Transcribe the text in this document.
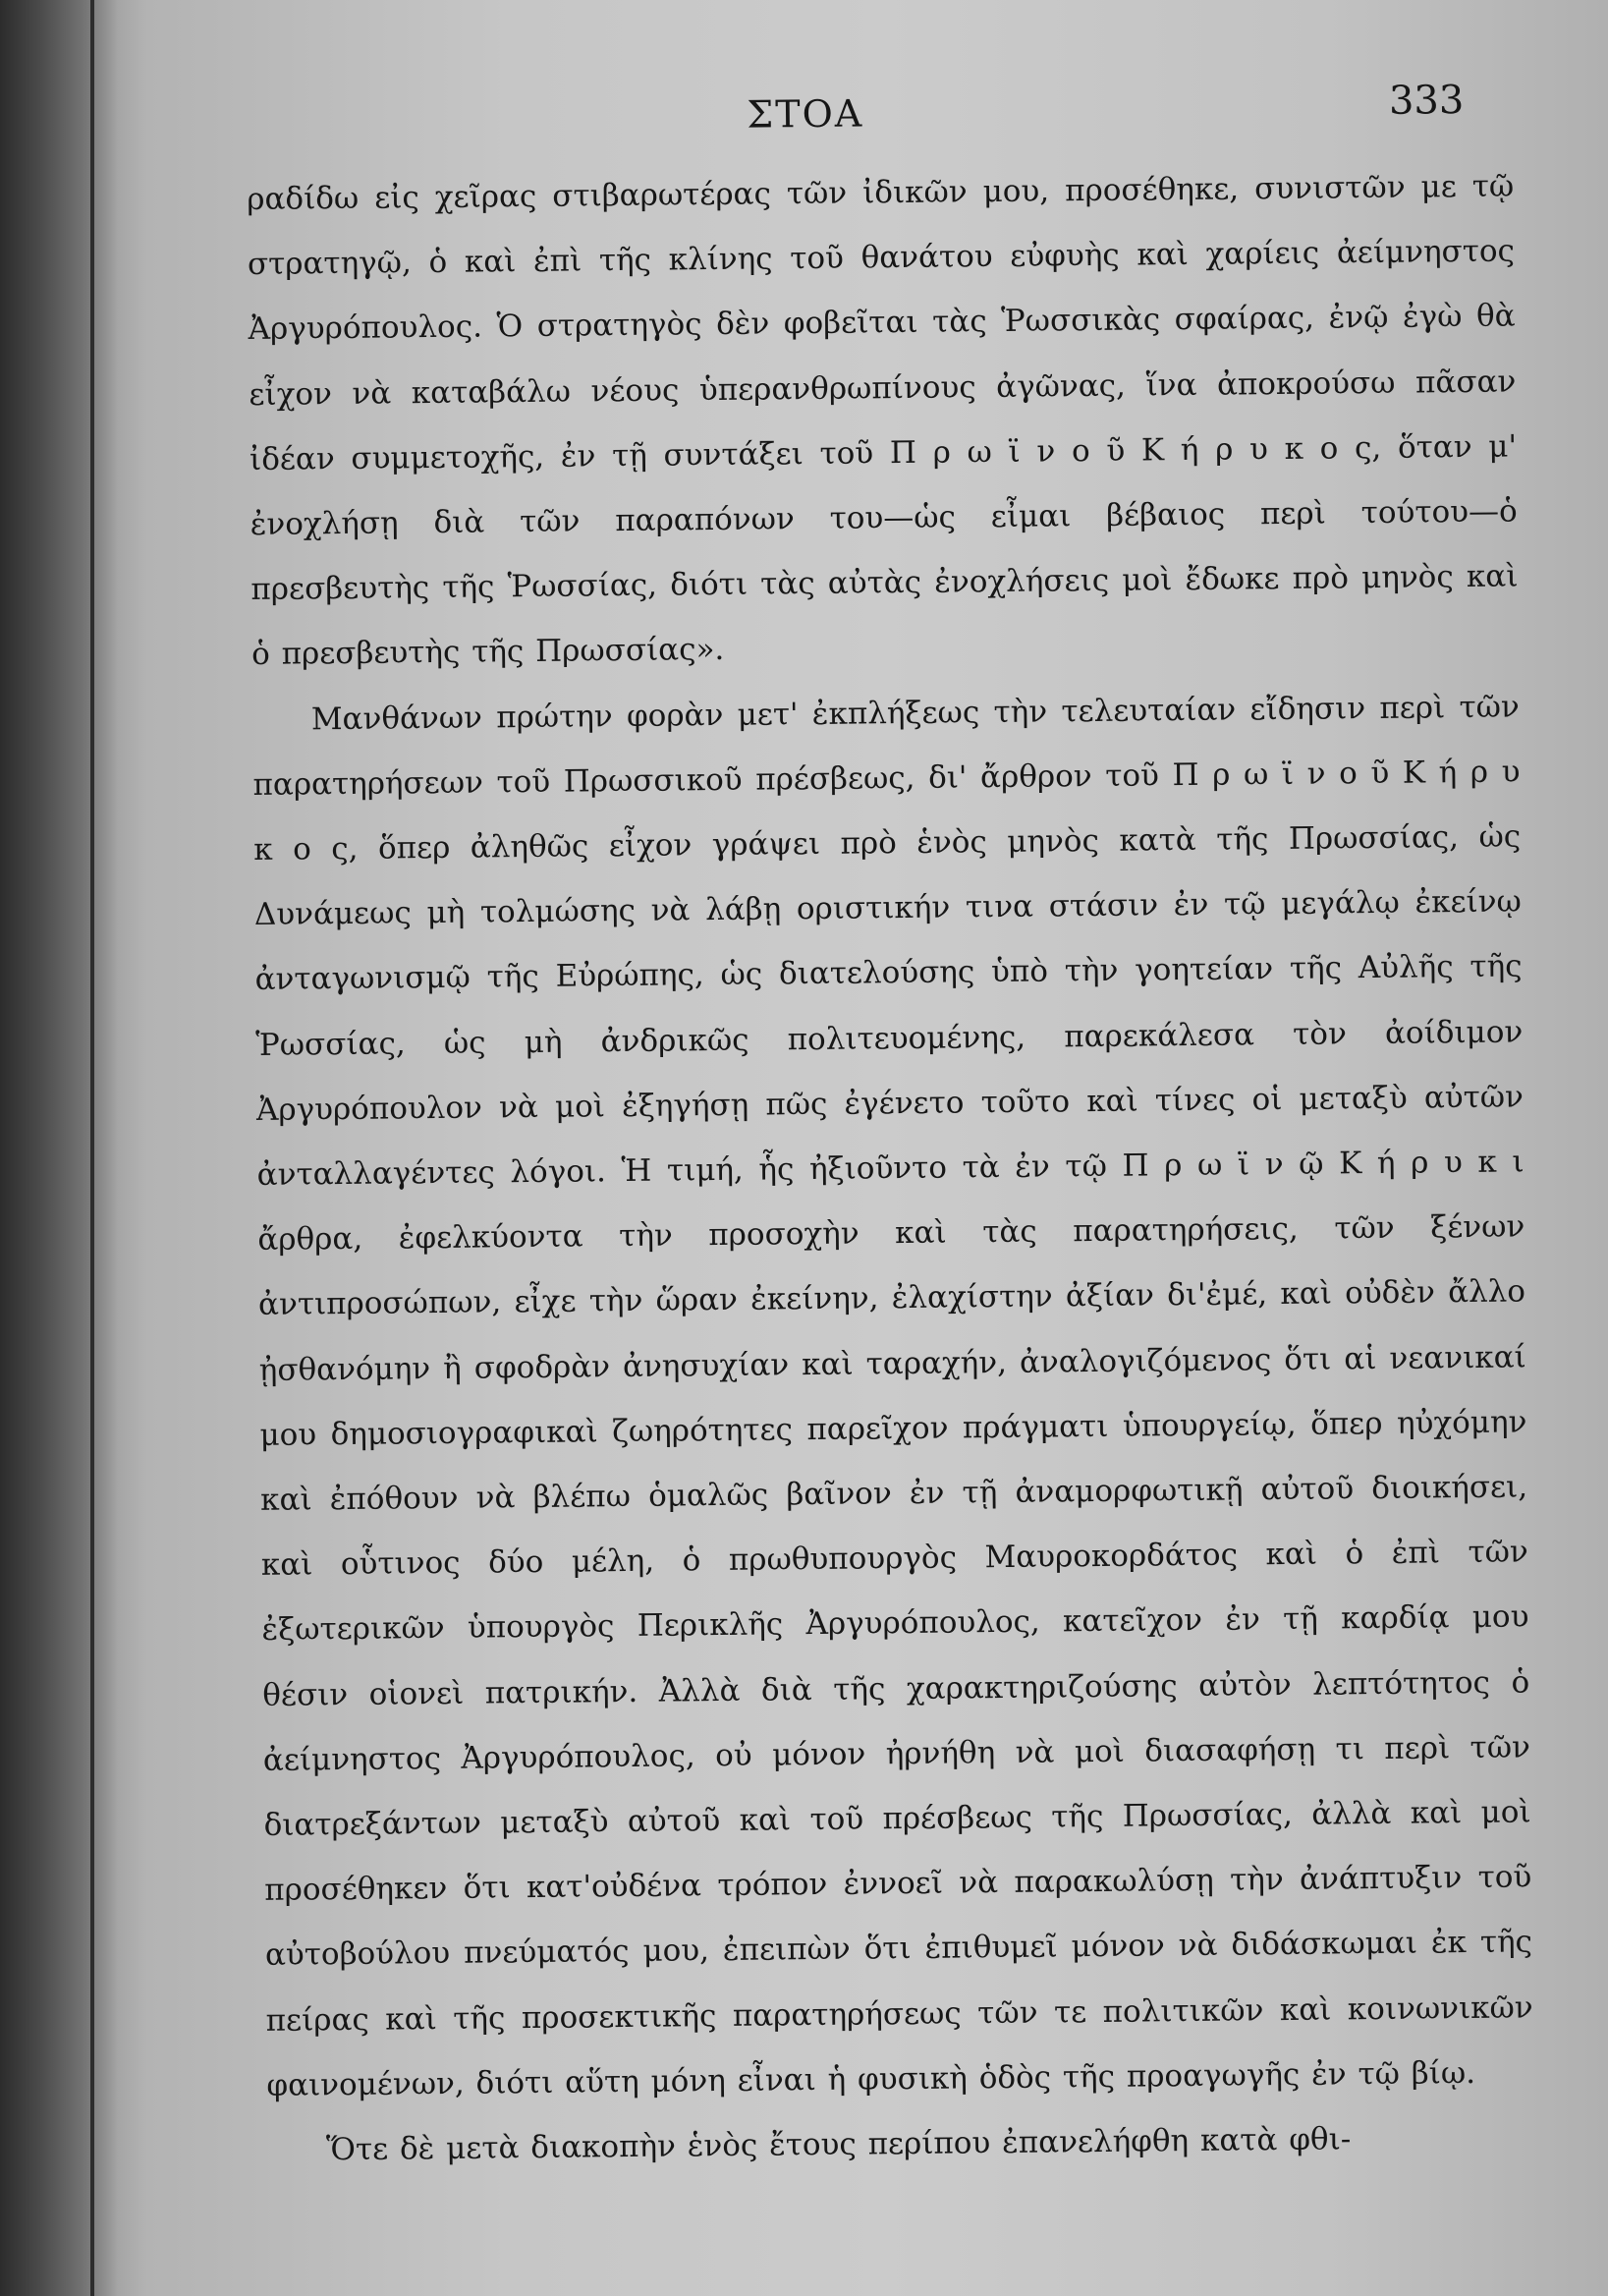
ΣΤΟΑ	333

ραδίδω εἰς χεῖρας στιβαρωτέρας τῶν ἰδικῶν μου, προσέθηκε, συνιστῶν με τῷ στρατηγῷ, ὁ καὶ ἐπὶ τῆς κλίνης τοῦ θανάτου εὐφυὴς καὶ χαρίεις ἀείμνηστος Ἀργυρόπουλος. Ὁ στρατηγὸς δὲν φοβεῖται τὰς Ῥωσσικὰς σφαίρας, ἐνῷ ἐγὼ θὰ εἶχον νὰ καταβάλω νέους ὑπερανθρωπίνους ἀγῶνας, ἵνα ἀποκρούσω πᾶσαν ἰδέαν συμμετοχῆς, ἐν τῇ συντάξει τοῦ Π ρ ω ϊ ν ο ῦ Κ ή ρ υ κ ο ς, ὅταν μ' ἐνοχλήσῃ διὰ τῶν παραπόνων του—ὡς εἶμαι βέβαιος περὶ τούτου—ὁ πρεσβευτὴς τῆς Ῥωσσίας, διότι τὰς αὐτὰς ἐνοχλήσεις μοὶ ἔδωκε πρὸ μηνὸς καὶ ὁ πρεσβευτὴς τῆς Πρωσσίας».

Μανθάνων πρώτην φορὰν μετ' ἐκπλήξεως τὴν τελευταίαν εἴδησιν περὶ τῶν παρατηρήσεων τοῦ Πρωσσικοῦ πρέσβεως, δι' ἄρθρον τοῦ Π ρ ω ϊ ν ο ῦ Κ ή ρ υ κ ο ς, ὅπερ ἀληθῶς εἶχον γράψει πρὸ ἑνὸς μηνὸς κατὰ τῆς Πρωσσίας, ὡς Δυνάμεως μὴ τολμώσης νὰ λάβῃ οριστικήν τινα στάσιν ἐν τῷ μεγάλῳ ἐκείνῳ ἀνταγωνισμῷ τῆς Εὐρώπης, ὡς διατελούσης ὑπὸ τὴν γοητείαν τῆς Αὐλῆς τῆς Ῥωσσίας, ὡς μὴ ἀνδρικῶς πολιτευομένης, παρεκάλεσα τὸν ἀοίδιμον Ἀργυρόπουλον νὰ μοὶ ἐξηγήσῃ πῶς ἐγένετο τοῦτο καὶ τίνες οἱ μεταξὺ αὐτῶν ἀνταλλαγέντες λόγοι. Ἡ τιμή, ἧς ἠξιοῦντο τὰ ἐν τῷ Π ρ ω ϊ ν ῷ Κ ή ρ υ κ ι ἄρθρα, ἐφελκύοντα τὴν προσοχὴν καὶ τὰς παρατηρήσεις, τῶν ξένων ἀντιπροσώπων, εἶχε τὴν ὥραν ἐκείνην, ἐλαχίστην ἀξίαν δι'ἐμέ, καὶ οὐδὲν ἄλλο ᾐσθανόμην ἢ σφοδρὰν ἀνησυχίαν καὶ ταραχήν, ἀναλογιζόμενος ὅτι αἱ νεανικαί μου δημοσιογραφικαὶ ζωηρότητες παρεῖχον πράγματι ὑπουργείῳ, ὅπερ ηὐχόμην καὶ ἐπόθουν νὰ βλέπω ὁμαλῶς βαῖνον ἐν τῇ ἀναμορφωτικῇ αὐτοῦ διοικήσει, καὶ οὗτινος δύο μέλη, ὁ πρωθυπουργὸς Μαυροκορδάτος καὶ ὁ ἐπὶ τῶν ἐξωτερικῶν ὑπουργὸς Περικλῆς Ἀργυρόπουλος, κατεῖχον ἐν τῇ καρδίᾳ μου θέσιν οἱονεὶ πατρικήν. Ἀλλὰ διὰ τῆς χαρακτηριζούσης αὐτὸν λεπτότητος ὁ ἀείμνηστος Ἀργυρόπουλος, οὐ μόνον ἠρνήθη νὰ μοὶ διασαφήσῃ τι περὶ τῶν διατρεξάντων μεταξὺ αὐτοῦ καὶ τοῦ πρέσβεως τῆς Πρωσσίας, ἀλλὰ καὶ μοὶ προσέθηκεν ὅτι κατ'οὐδένα τρόπον ἐννοεῖ νὰ παρακωλύσῃ τὴν ἀνάπτυξιν τοῦ αὐτοβούλου πνεύματός μου, ἐπειπὼν ὅτι ἐπιθυμεῖ μόνον νὰ διδάσκωμαι ἐκ τῆς πείρας καὶ τῆς προσεκτικῆς παρατηρήσεως τῶν τε πολιτικῶν καὶ κοινωνικῶν φαινομένων, διότι αὕτη μόνη εἶναι ἡ φυσικὴ ὁδὸς τῆς προαγωγῆς ἐν τῷ βίῳ.

Ὅτε δὲ μετὰ διακοπὴν ἑνὸς ἔτους περίπου ἐπανελήφθη κατὰ φθι-
